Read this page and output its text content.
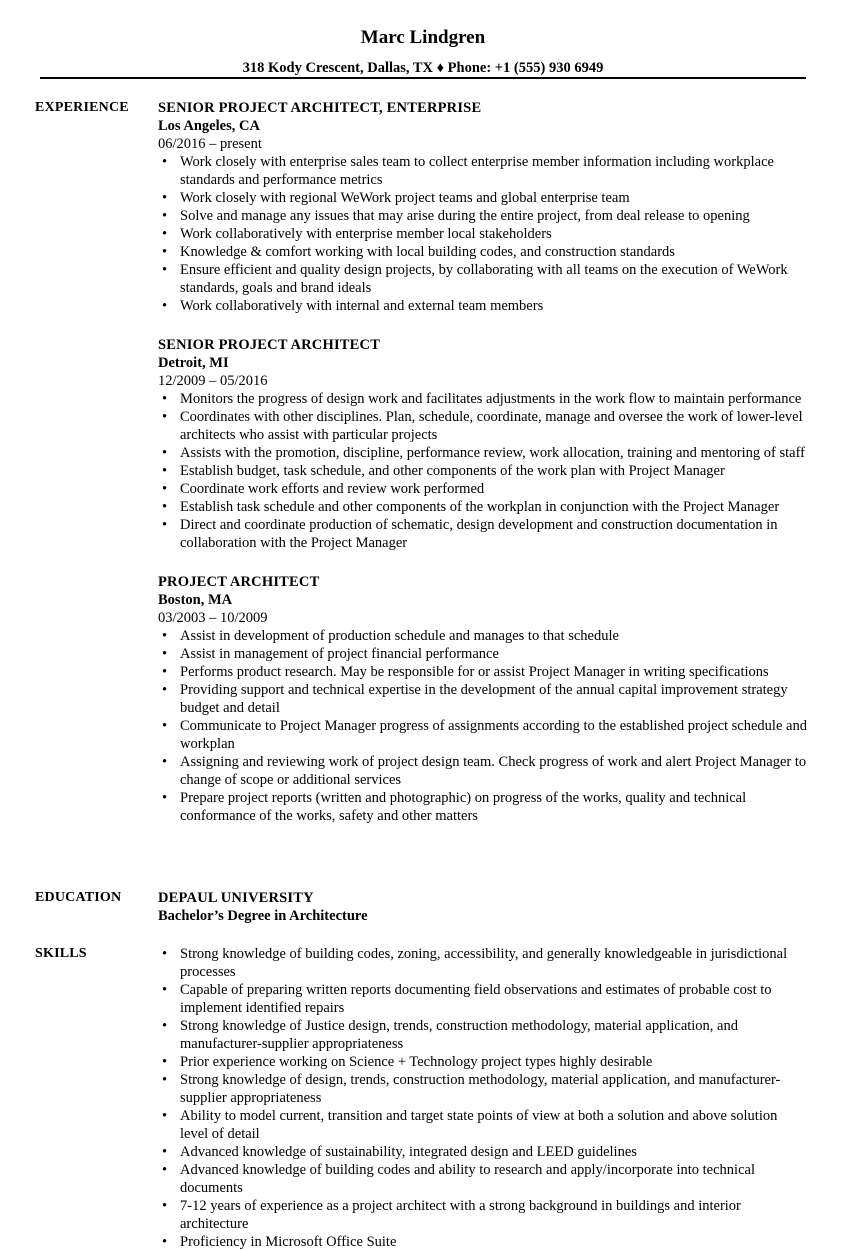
Marc Lindgren
318 Kody Crescent, Dallas, TX ♦ Phone: +1 (555) 930 6949
EXPERIENCE SENIOR PROJECT ARCHITECT, ENTERPRISE
Los Angeles, CA
06/2016 – present
• Work closely with enterprise sales team to collect enterprise member information including workplace standards and performance metrics
• Work closely with regional WeWork project teams and global enterprise team
• Solve and manage any issues that may arise during the entire project, from deal release to opening
• Work collaboratively with enterprise member local stakeholders
• Knowledge & comfort working with local building codes, and construction standards
• Ensure efficient and quality design projects, by collaborating with all teams on the execution of WeWork standards, goals and brand ideals
• Work collaboratively with internal and external team members
SENIOR PROJECT ARCHITECT
Detroit, MI
12/2009 – 05/2016
• Monitors the progress of design work and facilitates adjustments in the work flow to maintain performance
• Coordinates with other disciplines. Plan, schedule, coordinate, manage and oversee the work of lower-level architects who assist with particular projects
• Assists with the promotion, discipline, performance review, work allocation, training and mentoring of staff
• Establish budget, task schedule, and other components of the work plan with Project Manager
• Coordinate work efforts and review work performed
• Establish task schedule and other components of the workplan in conjunction with the Project Manager
• Direct and coordinate production of schematic, design development and construction documentation in collaboration with the Project Manager
PROJECT ARCHITECT
Boston, MA
03/2003 – 10/2009
• Assist in development of production schedule and manages to that schedule
• Assist in management of project financial performance
• Performs product research. May be responsible for or assist Project Manager in writing specifications
• Providing support and technical expertise in the development of the annual capital improvement strategy budget and detail
• Communicate to Project Manager progress of assignments according to the established project schedule and workplan
• Assigning and reviewing work of project design team. Check progress of work and alert Project Manager to change of scope or additional services
• Prepare project reports (written and photographic) on progress of the works, quality and technical conformance of the works, safety and other matters
EDUCATION	DEPAUL UNIVERSITY
Bachelor’s Degree in Architecture
SKILLS
•	Strong knowledge of building codes, zoning, accessibility, and generally knowledgeable in jurisdictional processes
• Capable of preparing written reports documenting field observations and estimates of probable cost to implement identified repairs
• Strong knowledge of Justice design, trends, construction methodology, material application, and manufacturer-supplier appropriateness
• Prior experience working on Science + Technology project types highly desirable
• Strong knowledge of design, trends, construction methodology, material application, and manufacturer-supplier appropriateness
• Ability to model current, transition and target state points of view at both a solution and above solution level of detail
• Advanced knowledge of sustainability, integrated design and LEED guidelines
• Advanced knowledge of building codes and ability to research and apply/incorporate into technical documents
• 7-12 years of experience as a project architect with a strong background in buildings and interior architecture
• Proficiency in Microsoft Office Suite
